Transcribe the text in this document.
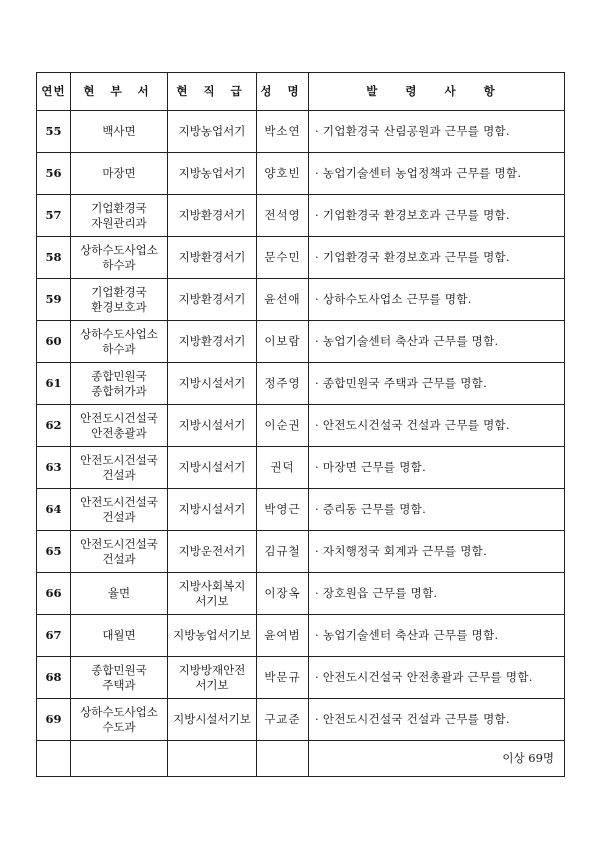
연번	현 부 서	현 직 급	성 명	발 령 사 항
55	백사면	지방농업서기	박소연	· 기업환경국 산림공원과 근무를 명함.
56	마장면	지방농업서기	양호빈	· 농업기술센터 농업정책과 근무를 명함.
57	기업환경국
자원관리과	지방환경서기	전석영	· 기업환경국 환경보호과 근무를 명함.
58	상하수도사업소
하수과	지방환경서기	문수민	· 기업환경국 환경보호과 근무를 명함.
59	기업환경국
환경보호과	지방환경서기	윤선애	· 상하수도사업소 근무를 명함.
60	상하수도사업소
하수과	지방환경서기	이보람	· 농업기술센터 축산과 근무를 명함.
61	종합민원국
종합허가과	지방시설서기	정주영	· 종합민원국 주택과 근무를 명함.
62	안전도시건설국
안전총괄과	지방시설서기	이순권	· 안전도시건설국 건설과 근무를 명함.
63	안전도시건설국
건설과	지방시설서기	권덕	· 마장면 근무를 명함.
64	안전도시건설국
건설과	지방시설서기	박영근	· 증리동 근무를 명함.
65	안전도시건설국
건설과	지방운전서기	김규철	· 자치행정국 회계과 근무를 명함.
66	율면	지방사회복지
서기보	이장옥	· 장호원읍 근무를 명함.
67	대월면	지방농업서기보	윤여범	· 농업기술센터 축산과 근무를 명함.
68	종합민원국
주택과	지방방재안전
서기보	박문규	· 안전도시건설국 안전총괄과 근무를 명함.
69	상하수도사업소
수도과	지방시설서기보	구교준	· 안전도시건설국 건설과 근무를 명함.
				이상 69명
